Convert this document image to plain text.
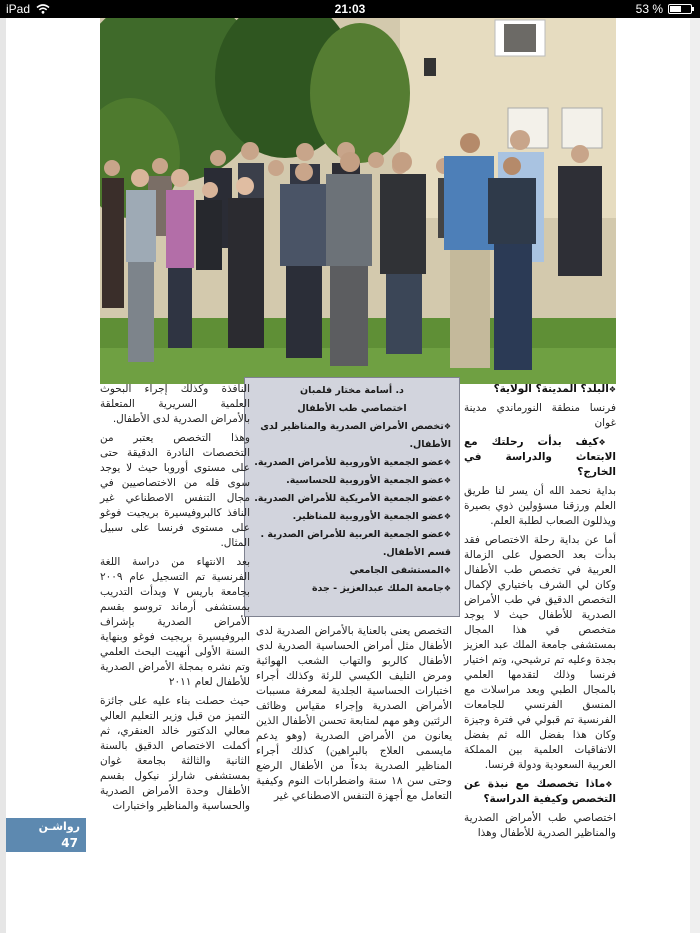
iPad	21:03	53 %
د. أسامة مختار فلمبان
اختصاصي طب الأطفال
❖ تخصص الأمراض الصدرية والمناظير لدى الأطفال.
❖ عضو الجمعية الأوروبية للأمراض الصدرية.
❖ عضو الجمعية الأوروبية للحساسية.
❖ عضو الجمعية الأمريكية للأمراض الصدرية.
❖ عضو الجمعية الأوروبية للمناظير.
❖ عضو الجمعية العربية للأمراض الصدرية . قسم الأطفال.
❖ المستشفى الجامعي
❖ جامعة الملك عبدالعزيز - جدة

❖ البلد؟ المدينة؟ الولاية؟

فرنسا منطقة النورماندي مدينة غوان

❖ كيف بدأت رحلتك مع الابتعاث والدراسة في الخارج؟

بداية نحمد الله أن يسر لنا طريق العلم ورزقنا مسؤولين ذوي بصيرة ويذللون الصعاب لطلبة العلم.

أما عن بداية رحلة الاختصاص فقد بدأت بعد الحصول على الزمالة العربية في تخصص طب الأطفال وكان لي الشرف باختياري لإكمال التخصص الدقيق في طب الأمراض الصدرية للأطفال حيث لا يوجد متخصص في هذا المجال بمستشفى جامعة الملك عبد العزيز بجدة وعليه تم ترشيحي، وتم اختيار فرنسا وذلك لتقدمها العلمي بالمجال الطبي وبعد مراسلات مع المنسق الفرنسي للجامعات الفرنسية تم قبولي في فترة وجيزة وكان هذا بفضل الله ثم بفضل الاتفاقيات العلمية بين المملكة العربية السعودية ودولة فرنسا.

❖ ماذا تخصصك مع نبذة عن التخصص وكيفية الدراسة؟

اختصاصي طب الأمراض الصدرية والمناظير الصدرية للأطفال وهذا

التخصص يعنى بالعناية بالأمراض الصدرية لدى الأطفال مثل أمراض الحساسية الصدرية لدى الأطفال كالربو والتهاب الشعب الهوائية ومرض التليف الكيسي للرئة وكذلك أجراء اختبارات الحساسية الجلدية لمعرفة مسببات الأمراض الصدرية وإجراء مقياس وظائف الرئتين وهو مهم لمتابعة تحسن الأطفال الذين يعانون من الأمراض الصدرية (وهو يدعم مايسمى العلاج بالبراهين) كذلك أجراء المناظير الصدرية بدءاً من الأطفال الرضع وحتى سن ١٨ سنة واضطرابات النوم وكيفية التعامل مع أجهزة التنفس الاصطناعي غير

النافذة وكذلك إجراء البحوث العلمية السريرية المتعلقة بالأمراض الصدرية لدى الأطفال.

وهذا التخصص يعتبر من التخصصات النادرة الدقيقة حتى على مستوى أوروبا حيث لا يوجد سوى قله من الاختصاصيين في مجال التنفس الاصطناعي غير النافذ كالبروفيسيرة بريجيت فوغو على مستوى فرنسا على سبيل المثال.

بعد الانتهاء من دراسة اللغة الفرنسية تم التسجيل عام ٢٠٠٩ بجامعة باريس ٧ وبدأت التدريب بمستشفى أرماند تروسو بقسم الأمراض الصدرية بإشراف البروفيسيرة بريجيت فوغو وبنهاية السنة الأولى أنهيت البحث العلمي وتم نشره بمجلة الأمراض الصدرية للأطفال لعام ٢٠١١

حيث حصلت بناء عليه على جائزة التميز من قبل وزير التعليم العالي معالي الدكتور خالد العنقري، ثم أكملت الاختصاص الدقيق بالسنة الثانية والثالثة بجامعة غوان بمستشفى شارلز نيكول بقسم الأطفال وحدة الأمراض الصدرية والحساسية والمناظير واختبارات

رواشـن
47
